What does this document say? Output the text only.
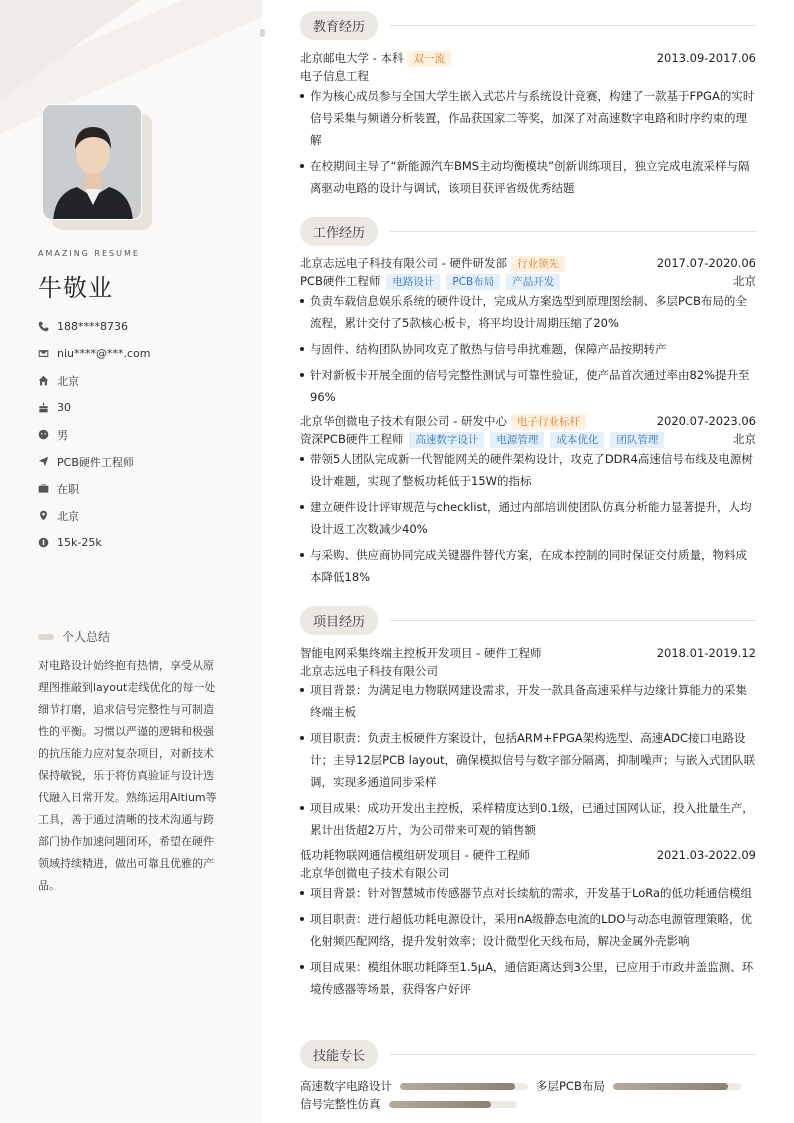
AMAZING RESUME
牛敬业
188****8736
niu****@***.com
北京
30
男
PCB硬件工程师
在职
北京
15k-25k
个人总结
对电路设计始终抱有热情，享受从原理图推敲到layout走线优化的每一处细节打磨，追求信号完整性与可制造性的平衡。习惯以严谨的逻辑和极强的抗压能力应对复杂项目，对新技术保持敏锐，乐于将仿真验证与设计迭代融入日常开发。熟练运用Altium等工具，善于通过清晰的技术沟通与跨部门协作加速问题闭环，希望在硬件领域持续精进，做出可靠且优雅的产品。
教育经历
北京邮电大学 - 本科 双一流	2013.09-2017.06
电子信息工程
作为核心成员参与全国大学生嵌入式芯片与系统设计竞赛，构建了一款基于FPGA的实时信号采集与频谱分析装置，作品获国家二等奖，加深了对高速数字电路和时序约束的理解
在校期间主导了“新能源汽车BMS主动均衡模块”创新训练项目，独立完成电流采样与隔离驱动电路的设计与调试，该项目获评省级优秀结题
工作经历
北京志远电子科技有限公司 - 硬件研发部 行业领先	2017.07-2020.06
PCB硬件工程师 电路设计 PCB布局 产品开发	北京
负责车载信息娱乐系统的硬件设计，完成从方案选型到原理图绘制、多层PCB布局的全流程，累计交付了5款核心板卡，将平均设计周期压缩了20%
与固件、结构团队协同攻克了散热与信号串扰难题，保障产品按期转产
针对新板卡开展全面的信号完整性测试与可靠性验证，使产品首次通过率由82%提升至96%
北京华创微电子技术有限公司 - 研发中心 电子行业标杆	2020.07-2023.06
资深PCB硬件工程师 高速数字设计 电源管理 成本优化 团队管理	北京
带领5人团队完成新一代智能网关的硬件架构设计，攻克了DDR4高速信号布线及电源树设计难题，实现了整板功耗低于15W的指标
建立硬件设计评审规范与checklist，通过内部培训使团队仿真分析能力显著提升，人均设计返工次数减少40%
与采购、供应商协同完成关键器件替代方案，在成本控制的同时保证交付质量，物料成本降低18%
项目经历
智能电网采集终端主控板开发项目 - 硬件工程师	2018.01-2019.12
北京志远电子科技有限公司
项目背景：为满足电力物联网建设需求，开发一款具备高速采样与边缘计算能力的采集终端主板
项目职责：负责主板硬件方案设计，包括ARM+FPGA架构选型、高速ADC接口电路设计；主导12层PCB layout，确保模拟信号与数字部分隔离，抑制噪声；与嵌入式团队联调，实现多通道同步采样
项目成果：成功开发出主控板，采样精度达到0.1级，已通过国网认证，投入批量生产，累计出货超2万片，为公司带来可观的销售额
低功耗物联网通信模组研发项目 - 硬件工程师	2021.03-2022.09
北京华创微电子技术有限公司
项目背景：针对智慧城市传感器节点对长续航的需求，开发基于LoRa的低功耗通信模组
项目职责：进行超低功耗电源设计，采用nA级静态电流的LDO与动态电源管理策略，优化射频匹配网络，提升发射效率；设计微型化天线布局，解决金属外壳影响
项目成果：模组休眠功耗降至1.5μA，通信距离达到3公里，已应用于市政井盖监测、环境传感器等场景，获得客户好评
技能专长
高速数字电路设计	多层PCB布局
信号完整性仿真
